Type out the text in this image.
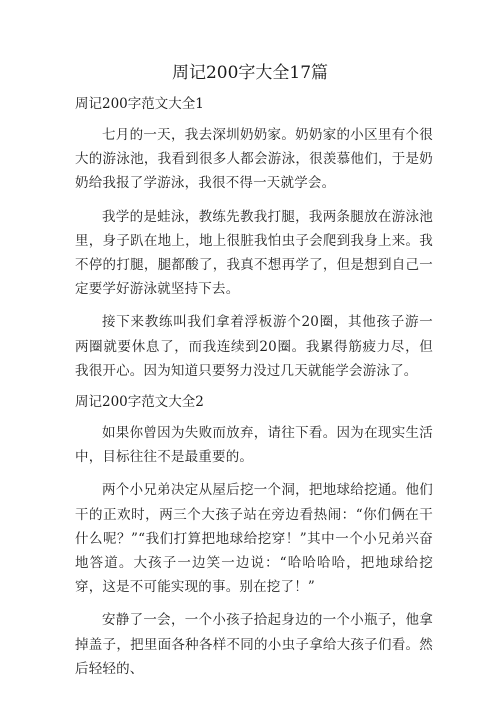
周记200字大全17篇
周记200字范文大全1

七月的一天，我去深圳奶奶家。奶奶家的小区里有个很大的游泳池，我看到很多人都会游泳，很羡慕他们，于是奶奶给我报了学游泳，我很不得一天就学会。

我学的是蛙泳，教练先教我打腿，我两条腿放在游泳池里，身子趴在地上，地上很脏我怕虫子会爬到我身上来。我不停的打腿，腿都酸了，我真不想再学了，但是想到自己一定要学好游泳就坚持下去。

接下来教练叫我们拿着浮板游个20圈，其他孩子游一两圈就要休息了，而我连续到20圈。我累得筋疲力尽，但我很开心。因为知道只要努力没过几天就能学会游泳了。

周记200字范文大全2

如果你曾因为失败而放弃，请往下看。因为在现实生活中，目标往往不是最重要的。

两个小兄弟决定从屋后挖一个洞，把地球给挖通。他们干的正欢时，两三个大孩子站在旁边看热闹：“你们俩在干什么呢？”“我们打算把地球给挖穿！”其中一个小兄弟兴奋地答道。大孩子一边笑一边说：“哈哈哈哈，把地球给挖穿，这是不可能实现的事。别在挖了！”

安静了一会，一个小孩子拾起身边的一个小瓶子，他拿掉盖子，把里面各种各样不同的小虫子拿给大孩子们看。然后轻轻的、
